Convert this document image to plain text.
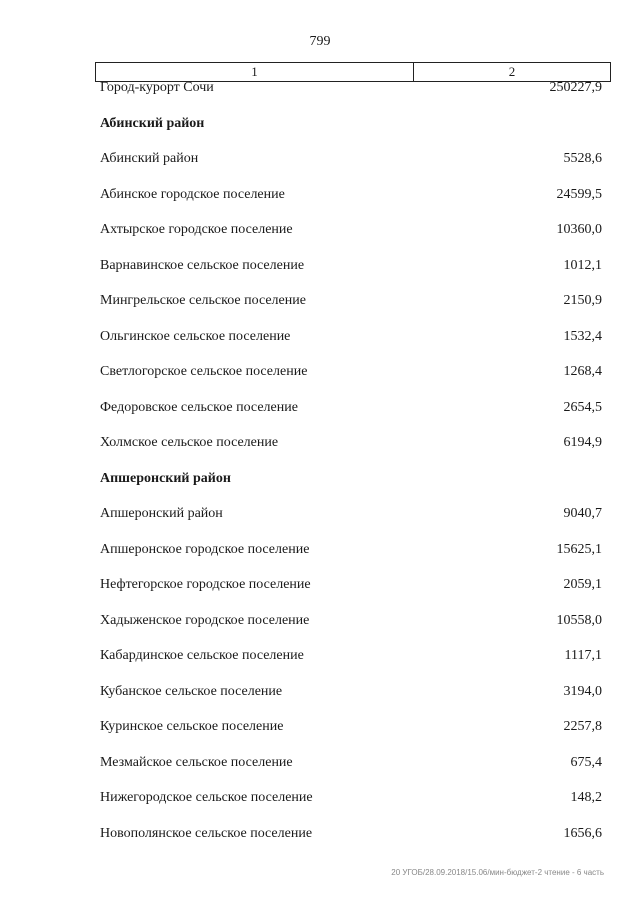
799
1	2
Город-курорт Сочи	250227,9
Абинский район
Абинский район	5528,6
Абинское городское поселение	24599,5
Ахтырское городское поселение	10360,0
Варнавинское сельское поселение	1012,1
Мингрельское сельское поселение	2150,9
Ольгинское сельское поселение	1532,4
Светлогорское сельское поселение	1268,4
Федоровское сельское поселение	2654,5
Холмское сельское поселение	6194,9
Апшеронский район
Апшеронский район	9040,7
Апшеронское городское поселение	15625,1
Нефтегорское городское поселение	2059,1
Хадыженское городское поселение	10558,0
Кабардинское сельское поселение	1117,1
Кубанское сельское поселение	3194,0
Куринское сельское поселение	2257,8
Мезмайское сельское поселение	675,4
Нижегородское сельское поселение	148,2
Новополянское сельское поселение	1656,6
20 УГОБ/28.09.2018/15.06/мин-бюджет-2 чтение - 6 часть
